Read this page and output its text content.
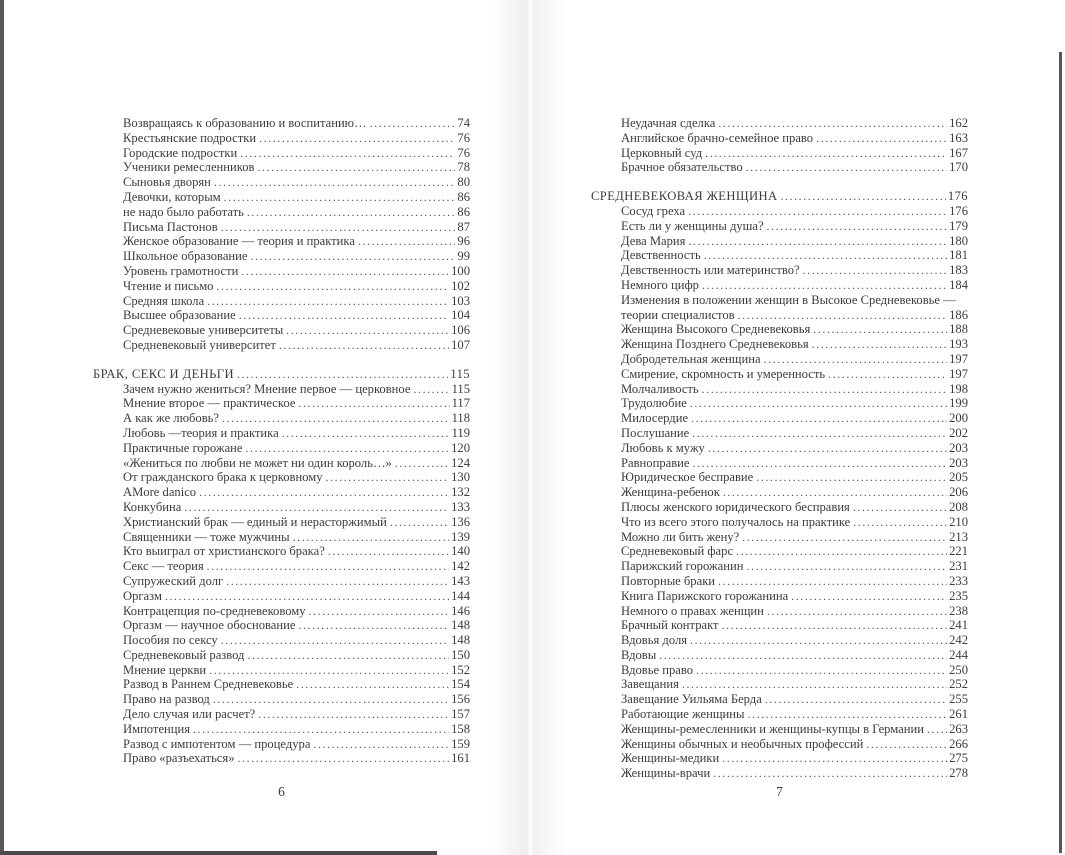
Возвращаясь к образованию и воспитанию… .....	74
Крестьянские подростки .....	76
Городские подростки .....	76
Ученики ремесленников .....	78
Сыновья дворян .....	80
Девочки, которым .....	86
не надо было работать .....	86
Письма Пастонов .....	87
Женское образование — теория и практика .....	96
Школьное образование .....	99
Уровень грамотности .....	100
Чтение и письмо .....	102
Средняя школа .....	103
Высшее образование .....	104
Средневековые университеты .....	106
Средневековый университет .....	107
БРАК, СЕКС И ДЕНЬГИ .....	115
Зачем нужно жениться? Мнение первое — церковное .....	115
Мнение второе — практическое .....	117
А как же любовь? .....	118
Любовь —теория и практика .....	119
Практичные горожане .....	120
«Жениться по любви не может ни один король…» .....	124
От гражданского брака к церковному .....	130
AMore danico .....	132
Конкубина .....	133
Христианский брак — единый и нерасторжимый .....	136
Священники — тоже мужчины .....	139
Кто выиграл от христианского брака? .....	140
Секс — теория .....	142
Супружеский долг .....	143
Оргазм .....	144
Контрацепция по-средневековому .....	146
Оргазм — научное обоснование .....	148
Пособия по сексу .....	148
Средневековый развод .....	150
Мнение церкви .....	152
Развод в Раннем Средневековье .....	154
Право на развод .....	156
Дело случая или расчет? .....	157
Импотенция .....	158
Развод с импотентом — процедура .....	159
Право «разъехаться» .....	161
6
Неудачная сделка .....	162
Английское брачно-семейное право .....	163
Церковный суд .....	167
Брачное обязательство .....	170
СРЕДНЕВЕКОВАЯ ЖЕНЩИНА .....	176
Сосуд греха .....	176
Есть ли у женщины душа? .....	179
Дева Мария .....	180
Девственность .....	181
Девственность или материнство? .....	183
Немного цифр .....	184
Изменения в положении женщин в Высокое Средневековье —
теории специалистов .....	186
Женщина Высокого Средневековья .....	188
Женщина Позднего Средневековья .....	193
Добродетельная женщина .....	197
Смирение, скромность и умеренность .....	197
Молчаливость .....	198
Трудолюбие .....	199
Милосердие .....	200
Послушание .....	202
Любовь к мужу .....	203
Равноправие .....	203
Юридическое бесправие .....	205
Женщина-ребенок .....	206
Плюсы женского юридического бесправия .....	208
Что из всего этого получалось на практике .....	210
Можно ли бить жену? .....	213
Средневековый фарс .....	221
Парижский горожанин .....	231
Повторные браки .....	233
Книга Парижского горожанина .....	235
Немного о правах женщин .....	238
Брачный контракт .....	241
Вдовья доля .....	242
Вдовы .....	244
Вдовье право .....	250
Завещания .....	252
Завещание Уильяма Берда .....	255
Работающие женщины .....	261
Женщины-ремесленники и женщины-купцы в Германии ..... 263
Женщины обычных и необычных профессий .....	266
Женщины-медики .....	275
Женщины-врачи .....	278
7
